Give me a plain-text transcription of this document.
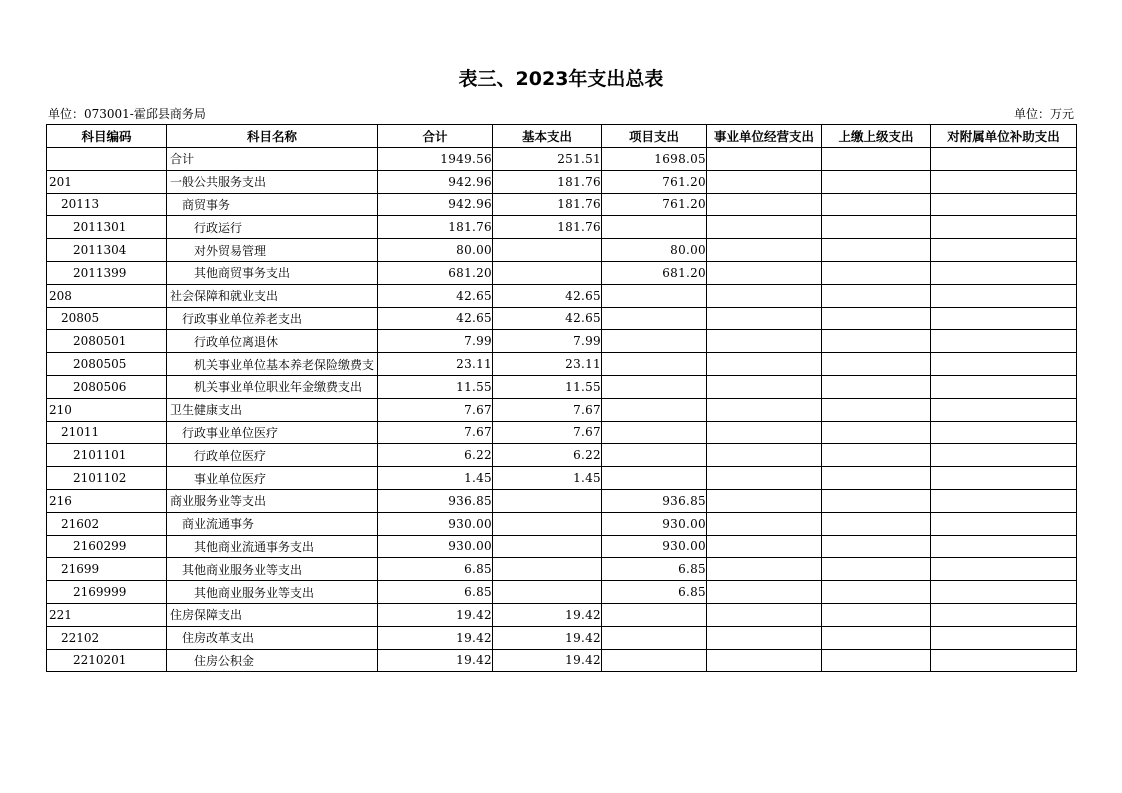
表三、2023年支出总表
单位：073001-霍邱县商务局	单位：万元
科目编码	科目名称	合计	基本支出	项目支出	事业单位经营支出	上缴上级支出	对附属单位补助支出
	合计	1949.56	251.51	1698.05			
201	一般公共服务支出	942.96	181.76	761.20			
20113	商贸事务	942.96	181.76	761.20			
2011301	行政运行	181.76	181.76				
2011304	对外贸易管理	80.00		80.00			
2011399	其他商贸事务支出	681.20		681.20			
208	社会保障和就业支出	42.65	42.65				
20805	行政事业单位养老支出	42.65	42.65				
2080501	行政单位离退休	7.99	7.99				
2080505	机关事业单位基本养老保险缴费支	23.11	23.11				
2080506	机关事业单位职业年金缴费支出	11.55	11.55				
210	卫生健康支出	7.67	7.67				
21011	行政事业单位医疗	7.67	7.67				
2101101	行政单位医疗	6.22	6.22				
2101102	事业单位医疗	1.45	1.45				
216	商业服务业等支出	936.85		936.85			
21602	商业流通事务	930.00		930.00			
2160299	其他商业流通事务支出	930.00		930.00			
21699	其他商业服务业等支出	6.85		6.85			
2169999	其他商业服务业等支出	6.85		6.85			
221	住房保障支出	19.42	19.42				
22102	住房改革支出	19.42	19.42				
2210201	住房公积金	19.42	19.42				
